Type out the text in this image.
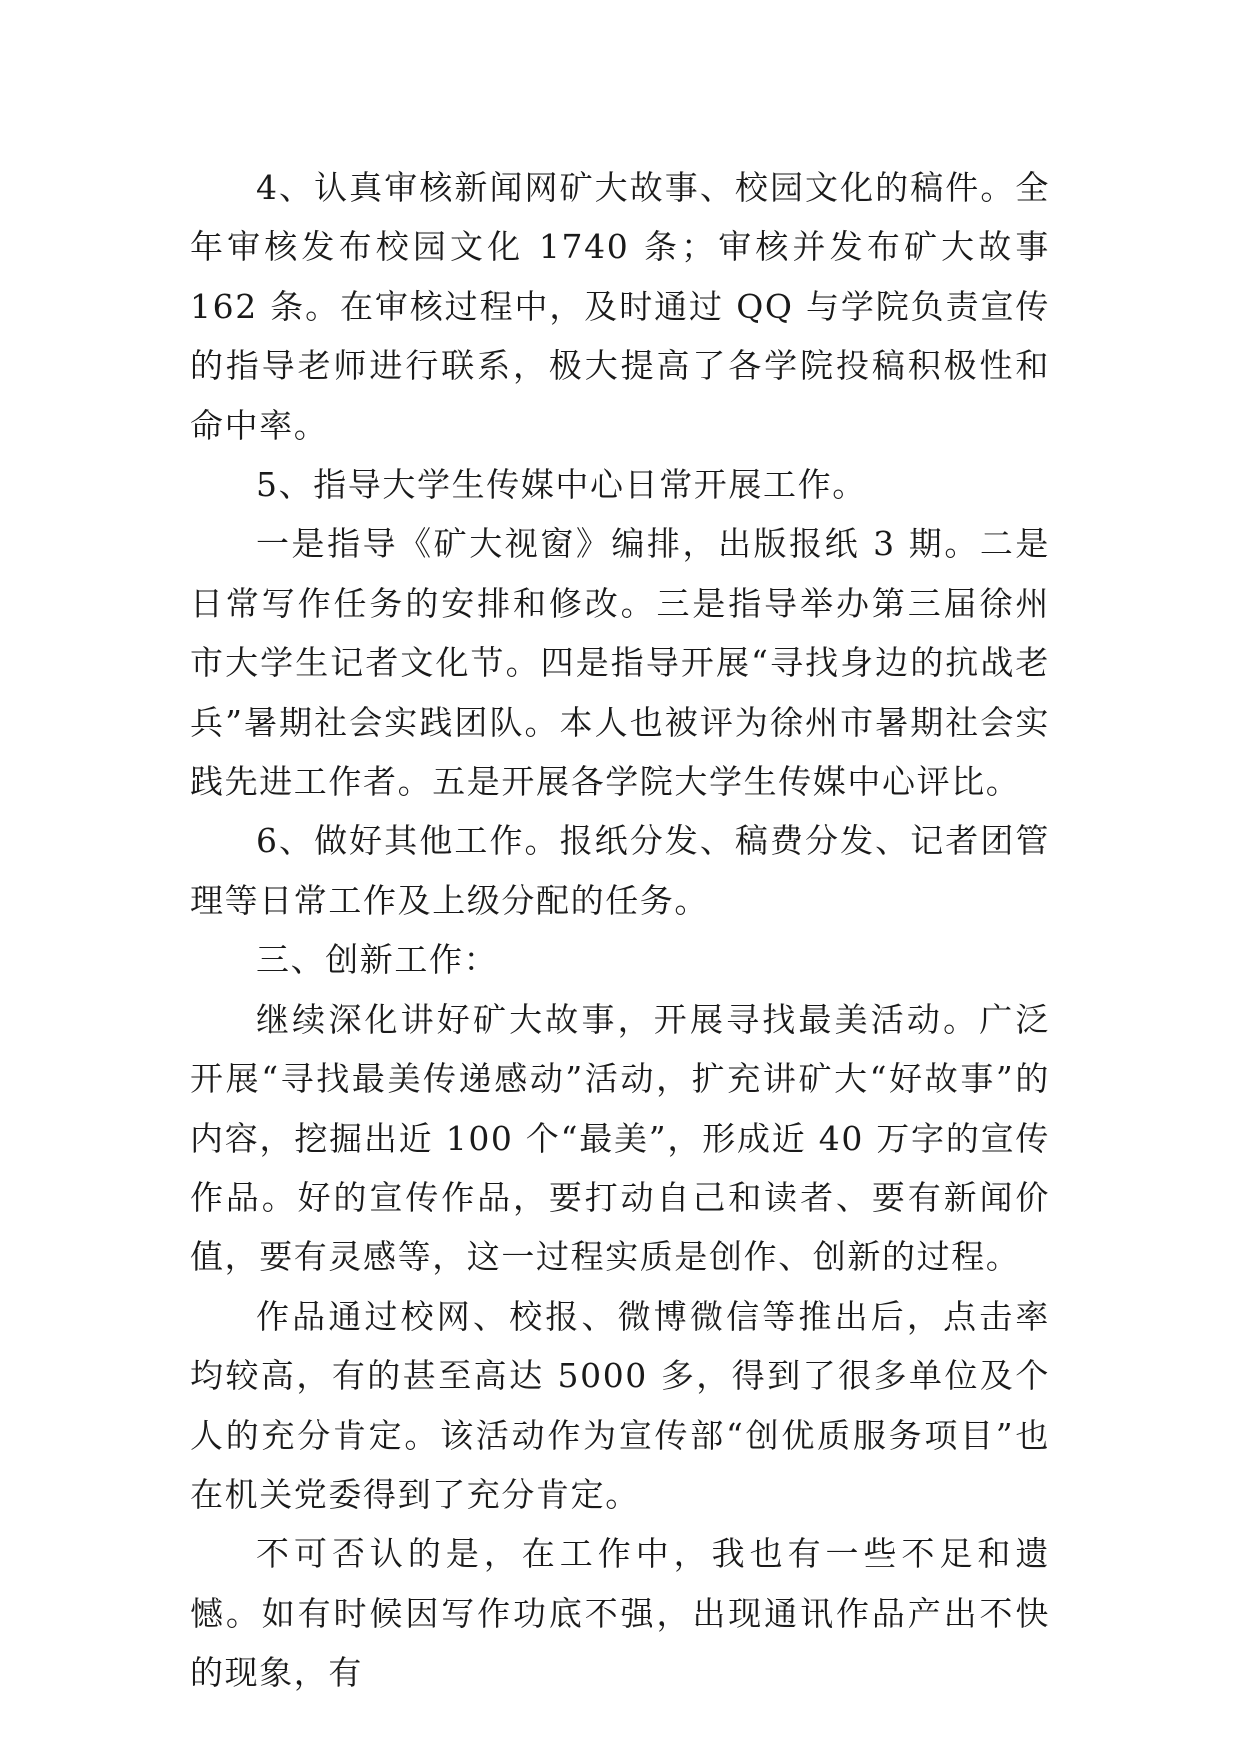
4、认真审核新闻网矿大故事、校园文化的稿件。全年审核发布校园文化 1740 条；审核并发布矿大故事 162 条。在审核过程中，及时通过 QQ 与学院负责宣传的指导老师进行联系，极大提高了各学院投稿积极性和命中率。

5、指导大学生传媒中心日常开展工作。

一是指导《矿大视窗》编排，出版报纸 3 期。二是日常写作任务的安排和修改。三是指导举办第三届徐州市大学生记者文化节。四是指导开展“寻找身边的抗战老兵”暑期社会实践团队。本人也被评为徐州市暑期社会实践先进工作者。五是开展各学院大学生传媒中心评比。

6、做好其他工作。报纸分发、稿费分发、记者团管理等日常工作及上级分配的任务。

三、创新工作：

继续深化讲好矿大故事，开展寻找最美活动。广泛开展“寻找最美传递感动”活动，扩充讲矿大“好故事”的内容，挖掘出近 100 个“最美”，形成近 40 万字的宣传作品。好的宣传作品，要打动自己和读者、要有新闻价值，要有灵感等，这一过程实质是创作、创新的过程。

作品通过校网、校报、微博微信等推出后，点击率均较高，有的甚至高达 5000 多，得到了很多单位及个人的充分肯定。该活动作为宣传部“创优质服务项目”也在机关党委得到了充分肯定。

不可否认的是，在工作中，我也有一些不足和遗憾。如有时候因写作功底不强，出现通讯作品产出不快的现象，有
